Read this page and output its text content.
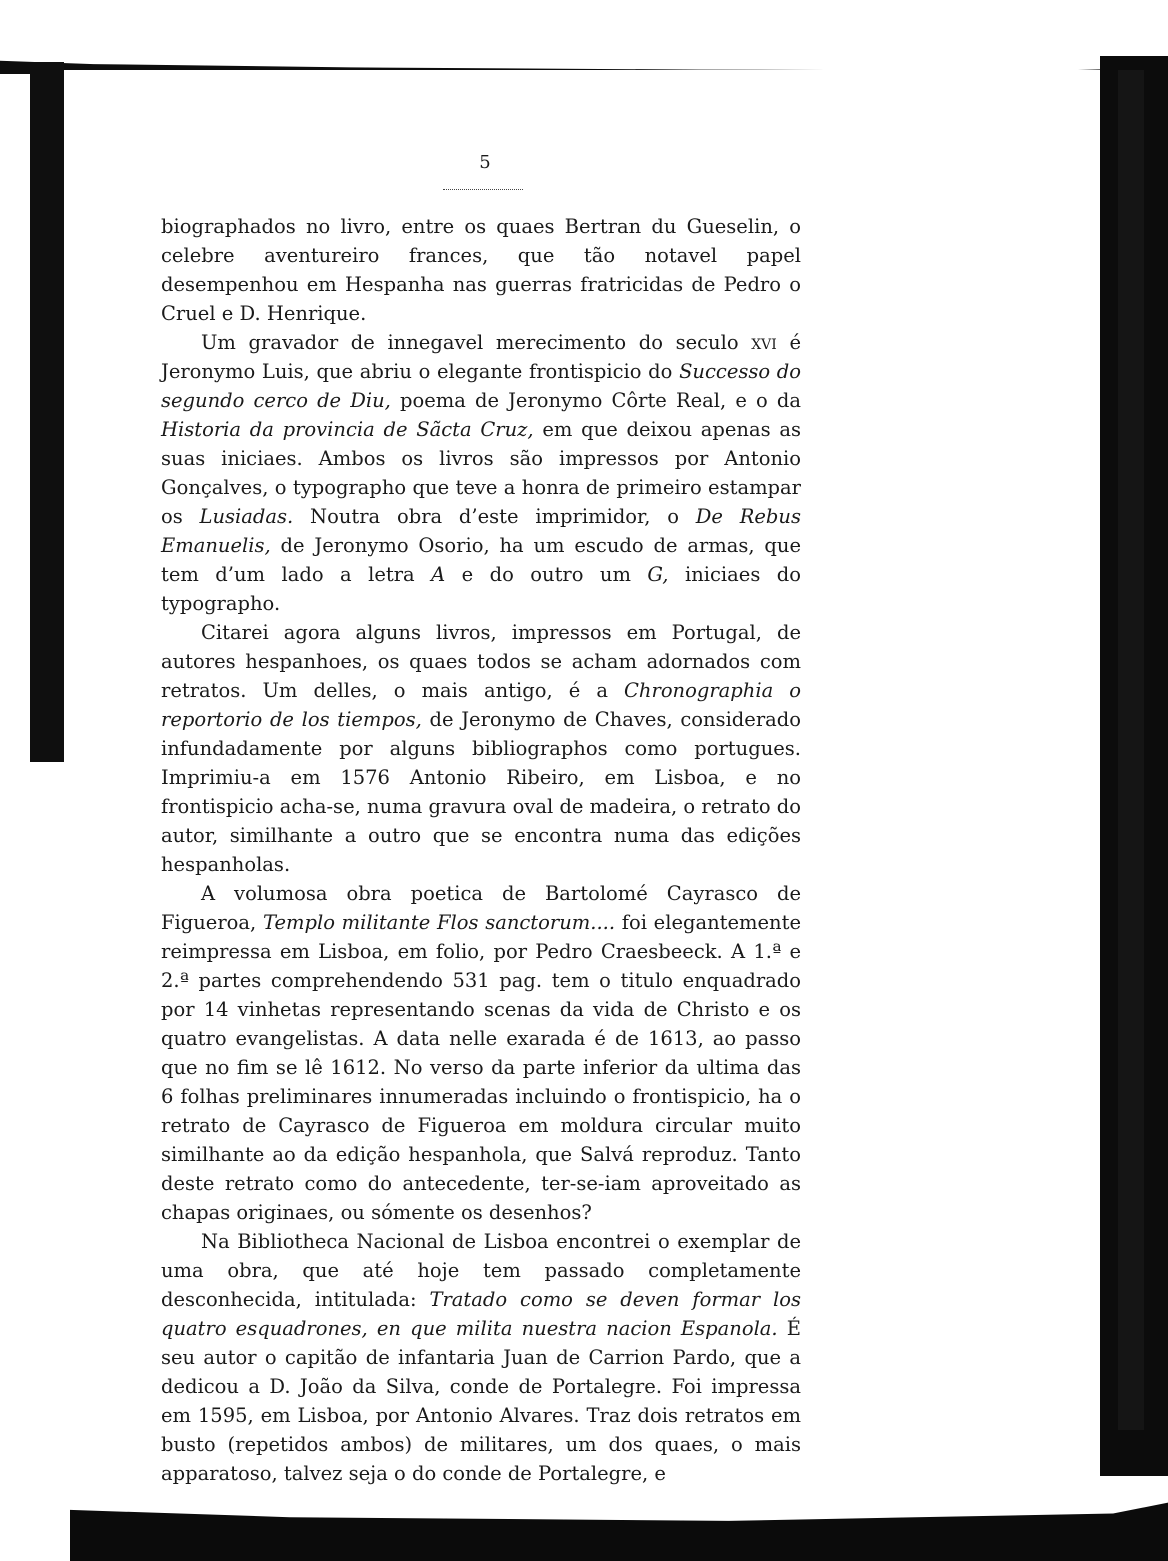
5

biographados no livro, entre os quaes Bertran du Gueselin, o celebre aventureiro frances, que tão notavel papel desempenhou em Hespanha nas guerras fratricidas de Pedro o Cruel e D. Henrique.

Um gravador de innegavel merecimento do seculo xvi é Jeronymo Luis, que abriu o elegante frontispicio do Successo do segundo cerco de Diu, poema de Jeronymo Côrte Real, e o da Historia da provincia de Sãcta Cruz, em que deixou apenas as suas iniciaes. Ambos os livros são impressos por Antonio Gonçalves, o typographo que teve a honra de primeiro estampar os Lusiadas. Noutra obra d’este imprimidor, o De Rebus Emanuelis, de Jeronymo Osorio, ha um escudo de armas, que tem d’um lado a letra A e do outro um G, iniciaes do typographo.

Citarei agora alguns livros, impressos em Portugal, de autores hespanhoes, os quaes todos se acham adornados com retratos. Um delles, o mais antigo, é a Chronographia o reportorio de los tiempos, de Jeronymo de Chaves, considerado infundadamente por alguns bibliographos como portugues. Imprimiu-a em 1576 Antonio Ribeiro, em Lisboa, e no frontispicio acha-se, numa gravura oval de madeira, o retrato do autor, similhante a outro que se encontra numa das edições hespanholas.

A volumosa obra poetica de Bartolomé Cayrasco de Figueroa, Templo militante Flos sanctorum.... foi elegantemente reimpressa em Lisboa, em folio, por Pedro Craesbeeck. A 1.ª e 2.ª partes comprehendendo 531 pag. tem o titulo enquadrado por 14 vinhetas representando scenas da vida de Christo e os quatro evangelistas. A data nelle exarada é de 1613, ao passo que no fim se lê 1612. No verso da parte inferior da ultima das 6 folhas preliminares innumeradas incluindo o frontispicio, ha o retrato de Cayrasco de Figueroa em moldura circular muito similhante ao da edição hespanhola, que Salvá reproduz. Tanto deste retrato como do antecedente, ter-se-iam aproveitado as chapas originaes, ou sómente os desenhos?

Na Bibliotheca Nacional de Lisboa encontrei o exemplar de uma obra, que até hoje tem passado completamente desconhecida, intitulada: Tratado como se deven formar los quatro esquadrones, en que milita nuestra nacion Espanola. É seu autor o capitão de infantaria Juan de Carrion Pardo, que a dedicou a D. João da Silva, conde de Portalegre. Foi impressa em 1595, em Lisboa, por Antonio Alvares. Traz dois retratos em busto (repetidos ambos) de militares, um dos quaes, o mais apparatoso, talvez seja o do conde de Portalegre, e
